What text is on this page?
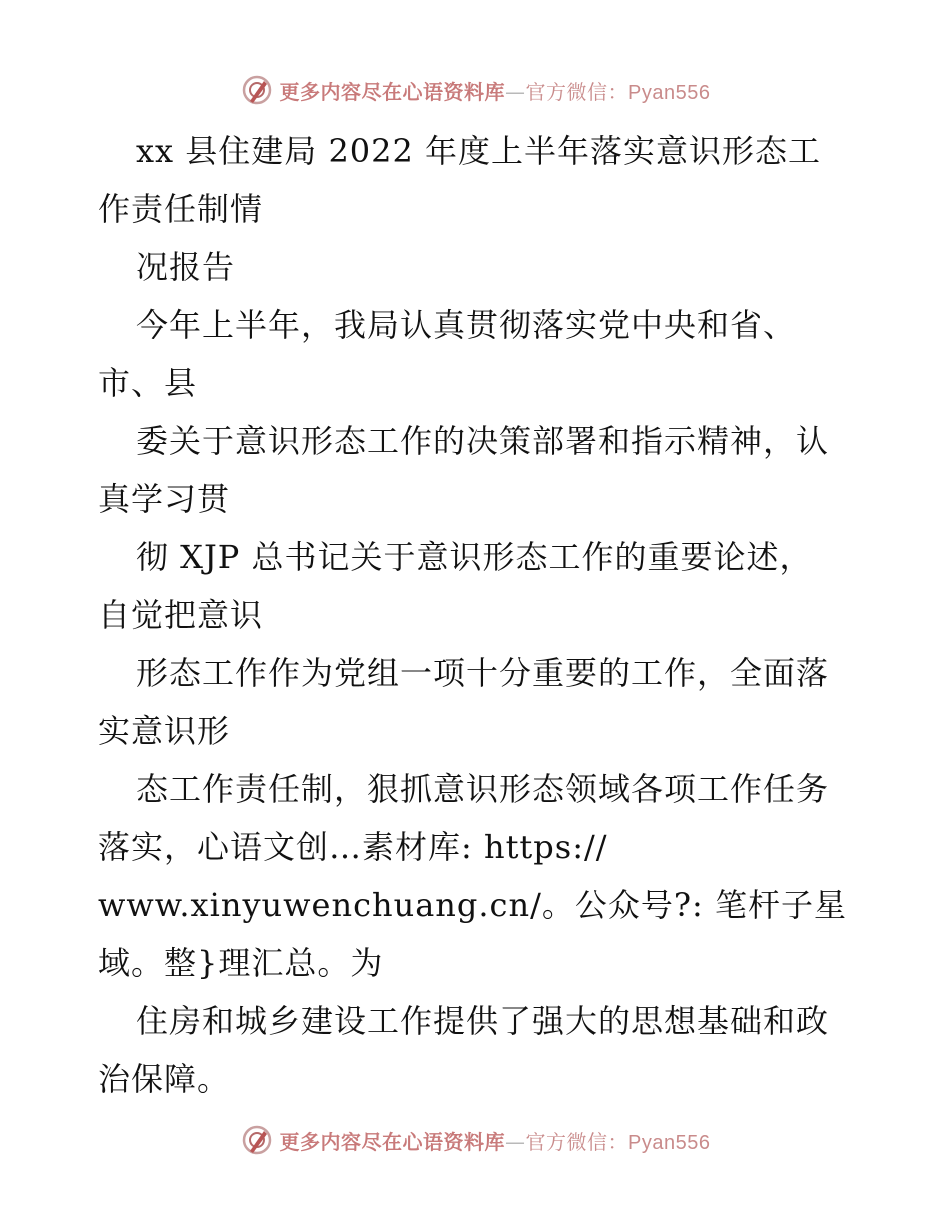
更多内容尽在心语资料库—官方微信：Pyan556
xx 县住建局 2022 年度上半年落实意识形态工
作责任制情
况报告
今年上半年，我局认真贯彻落实党中央和省、
市、县
委关于意识形态工作的决策部署和指示精神，认
真学习贯
彻 XJP 总书记关于意识形态工作的重要论述，
自觉把意识
形态工作作为党组一项十分重要的工作，全面落
实意识形
态工作责任制，狠抓意识形态领域各项工作任务
落实，心语文创…素材库: https://
www.xinyuwenchuang.cn/。公众号?: 笔杆子星
域。整}理汇总。为
住房和城乡建设工作提供了强大的思想基础和政
治保障。
更多内容尽在心语资料库—官方微信：Pyan556
